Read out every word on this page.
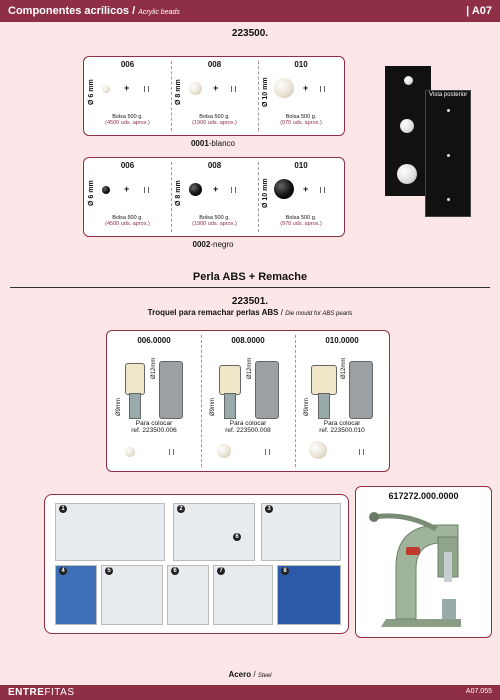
Componentes acrílicos / Acrylic beads	| A07
223500.
006
Ø 6 mm	+
Bolsa 500 g.
(4500 uds. aprox.)
008
Ø 8 mm	+
Bolsa 500 g.
(1900 uds. aprox.)
010
Ø 10 mm	+
Bolsa 500 g.
(970 uds. aprox.)
0001-blanco
006
Ø 6 mm	+
Bolsa 500 g.
(4500 uds. aprox.)
008
Ø 8 mm	+
Bolsa 500 g.
(1900 uds. aprox.)
010
Ø 10 mm	+
Bolsa 500 g.
(970 uds. aprox.)
0002-negro
Vista posterior
Perla ABS + Remache
223501.
Troquel para remachar perlas ABS / Die mould for ABS pearls
006.0000
Ø9mm
Ø12mm
Para colocar
ref. 223500.006
008.0000
Ø9mm
Ø12mm
Para colocar
ref. 223500.008
010.0000
Ø9mm
Ø12mm
Para colocar
ref. 223500.010
1	2	3
4	5	6	7	8
6
617272.000.0000
Acero / Steel
ENTREFITAS	A07.055
